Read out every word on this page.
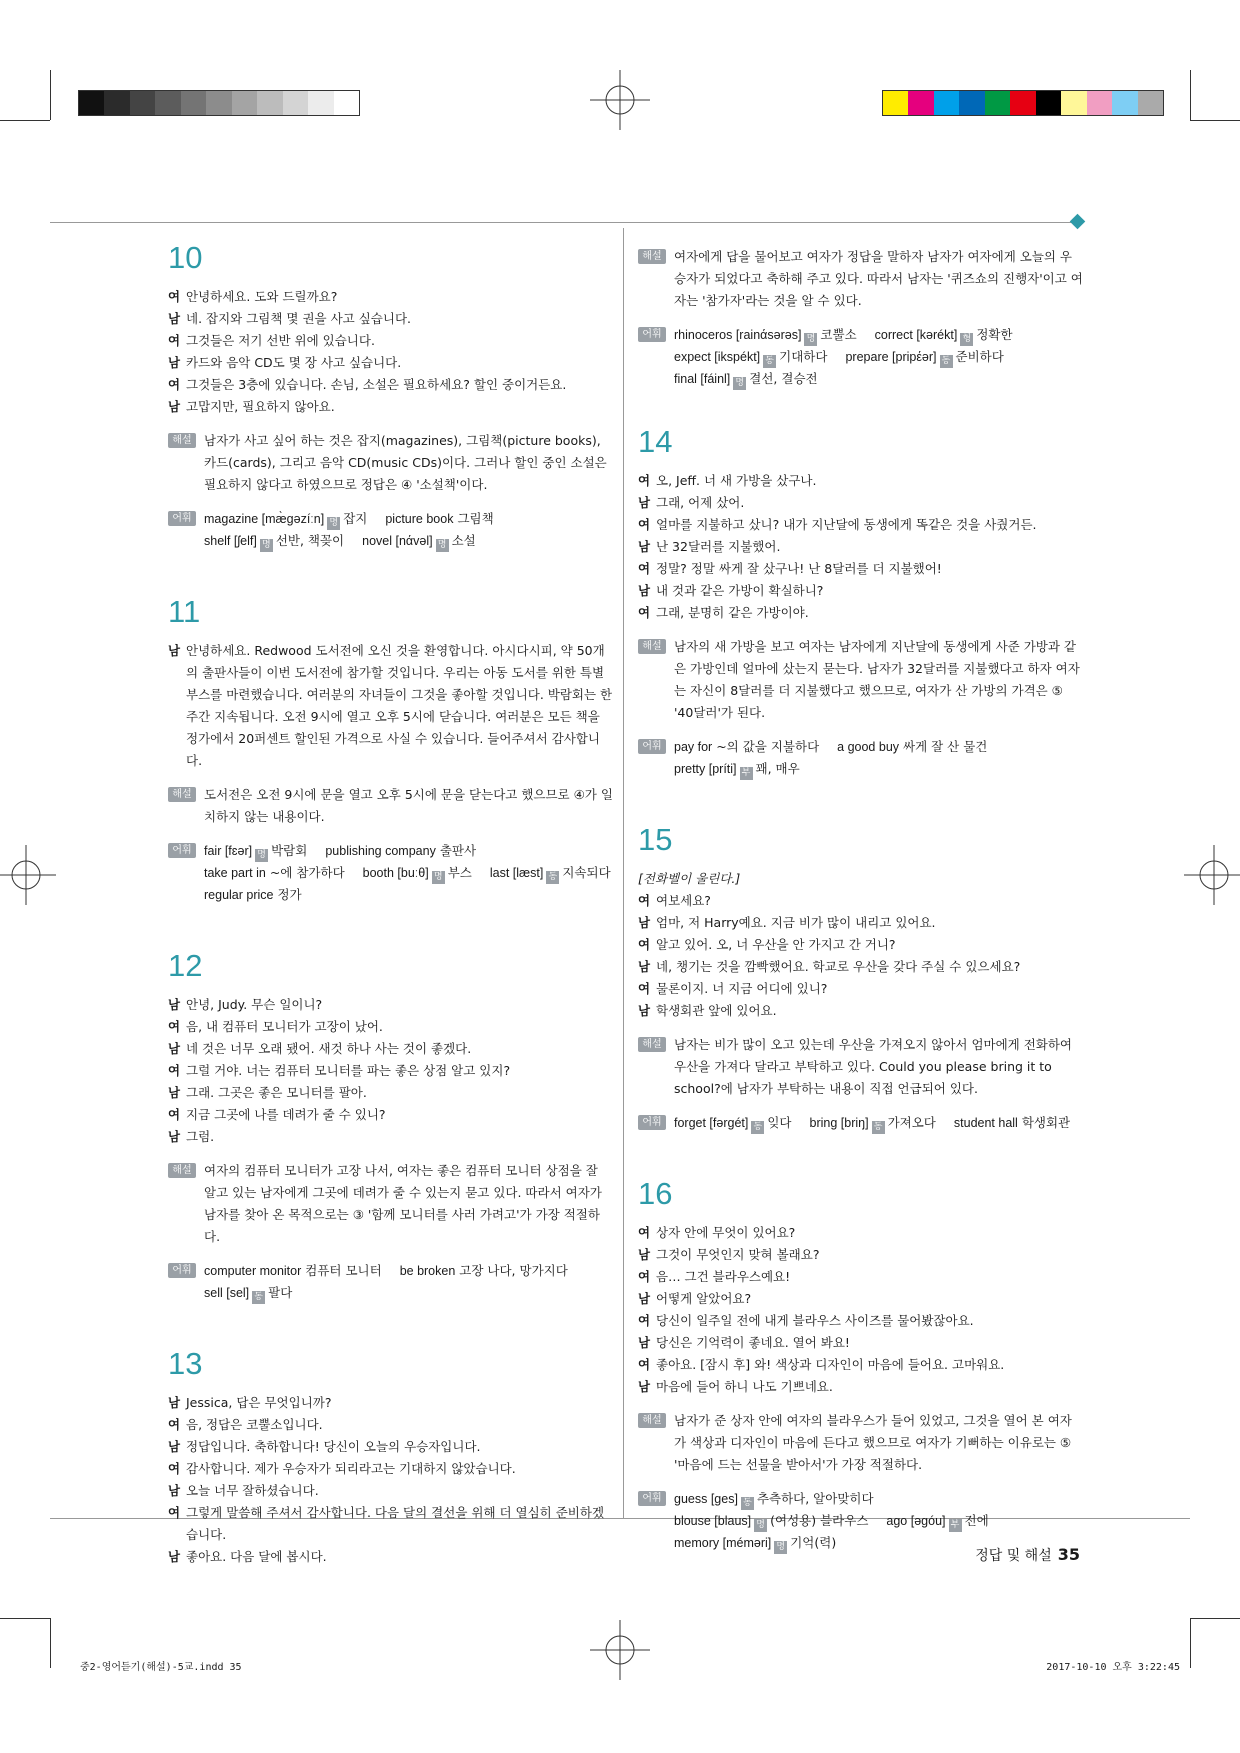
10
여 안녕하세요. 도와 드릴까요?
남 네. 잡지와 그림책 몇 권을 사고 싶습니다.
여 그것들은 저기 선반 위에 있습니다.
남 카드와 음악 CD도 몇 장 사고 싶습니다.
여 그것들은 3층에 있습니다. 손님, 소설은 필요하세요? 할인 중이거든요.
남 고맙지만, 필요하지 않아요.
해설 남자가 사고 싶어 하는 것은 잡지(magazines), 그림책(picture books), 카드(cards), 그리고 음악 CD(music CDs)이다. 그러나 할인 중인 소설은 필요하지 않다고 하였으므로 정답은 ④ '소설책'이다.
어휘 magazine [mæ̀gəzíːn] 명 잡지 picture book 그림책
shelf [ʃelf] 명 선반, 책꽂이 novel [nάvəl] 명 소설
11
남 안녕하세요. Redwood 도서전에 오신 것을 환영합니다. 아시다시피, 약 50개의 출판사들이 이번 도서전에 참가할 것입니다. 우리는 아동 도서를 위한 특별 부스를 마련했습니다. 여러분의 자녀들이 그것을 좋아할 것입니다. 박람회는 한 주간 지속됩니다. 오전 9시에 열고 오후 5시에 닫습니다. 여러분은 모든 책을 정가에서 20퍼센트 할인된 가격으로 사실 수 있습니다. 들어주셔서 감사합니다.
해설 도서전은 오전 9시에 문을 열고 오후 5시에 문을 닫는다고 했으므로 ④가 일치하지 않는 내용이다.
어휘 fair [fɛər] 명 박람회 publishing company 출판사
take part in ~에 참가하다 booth [buːθ] 명 부스 last [læst] 동 지속되다
regular price 정가
12
남 안녕, Judy. 무슨 일이니?
여 음, 내 컴퓨터 모니터가 고장이 났어.
남 네 것은 너무 오래 됐어. 새것 하나 사는 것이 좋겠다.
여 그럴 거야. 너는 컴퓨터 모니터를 파는 좋은 상점 알고 있지?
남 그래. 그곳은 좋은 모니터를 팔아.
여 지금 그곳에 나를 데려가 줄 수 있니?
남 그럼.
해설 여자의 컴퓨터 모니터가 고장 나서, 여자는 좋은 컴퓨터 모니터 상점을 잘 알고 있는 남자에게 그곳에 데려가 줄 수 있는지 묻고 있다. 따라서 여자가 남자를 찾아 온 목적으로는 ③ '함께 모니터를 사러 가려고'가 가장 적절하다.
어휘 computer monitor 컴퓨터 모니터 be broken 고장 나다, 망가지다
sell [sel] 동 팔다
13
남 Jessica, 답은 무엇입니까?
여 음, 정답은 코뿔소입니다.
남 정답입니다. 축하합니다! 당신이 오늘의 우승자입니다.
여 감사합니다. 제가 우승자가 되리라고는 기대하지 않았습니다.
남 오늘 너무 잘하셨습니다.
여 그렇게 말씀해 주셔서 감사합니다. 다음 달의 결선을 위해 더 열심히 준비하겠습니다.
남 좋아요. 다음 달에 봅시다.
해설 여자에게 답을 물어보고 여자가 정답을 말하자 남자가 여자에게 오늘의 우승자가 되었다고 축하해 주고 있다. 따라서 남자는 '퀴즈쇼의 진행자'이고 여자는 '참가자'라는 것을 알 수 있다.
어휘 rhinoceros [rainάsərəs] 명 코뿔소 correct [kərékt] 형 정확한
expect [ikspékt] 동 기대하다 prepare [pripέər] 동 준비하다
final [fáinl] 명 결선, 결승전
14
여 오, Jeff. 너 새 가방을 샀구나.
남 그래, 어제 샀어.
여 얼마를 지불하고 샀니? 내가 지난달에 동생에게 똑같은 것을 사줬거든.
남 난 32달러를 지불했어.
여 정말? 정말 싸게 잘 샀구나! 난 8달러를 더 지불했어!
남 내 것과 같은 가방이 확실하니?
여 그래, 분명히 같은 가방이야.
해설 남자의 새 가방을 보고 여자는 남자에게 지난달에 동생에게 사준 가방과 같은 가방인데 얼마에 샀는지 묻는다. 남자가 32달러를 지불했다고 하자 여자는 자신이 8달러를 더 지불했다고 했으므로, 여자가 산 가방의 가격은 ⑤ '40달러'가 된다.
어휘 pay for ~의 값을 지불하다 a good buy 싸게 잘 산 물건
pretty [príti] 부 꽤, 매우
15
[전화벨이 울린다.]
여 여보세요?
남 엄마, 저 Harry예요. 지금 비가 많이 내리고 있어요.
여 알고 있어. 오, 너 우산을 안 가지고 간 거니?
남 네, 챙기는 것을 깜빡했어요. 학교로 우산을 갖다 주실 수 있으세요?
여 물론이지. 너 지금 어디에 있니?
남 학생회관 앞에 있어요.
해설 남자는 비가 많이 오고 있는데 우산을 가져오지 않아서 엄마에게 전화하여 우산을 가져다 달라고 부탁하고 있다. Could you please bring it to school?에 남자가 부탁하는 내용이 직접 언급되어 있다.
어휘 forget [fərgét] 동 잊다 bring [briŋ] 동 가져오다 student hall 학생회관
16
여 상자 안에 무엇이 있어요?
남 그것이 무엇인지 맞혀 볼래요?
여 음… 그건 블라우스예요!
남 어떻게 알았어요?
여 당신이 일주일 전에 내게 블라우스 사이즈를 물어봤잖아요.
남 당신은 기억력이 좋네요. 열어 봐요!
여 좋아요. [잠시 후] 와! 색상과 디자인이 마음에 들어요. 고마워요.
남 마음에 들어 하니 나도 기쁘네요.
해설 남자가 준 상자 안에 여자의 블라우스가 들어 있었고, 그것을 열어 본 여자가 색상과 디자인이 마음에 든다고 했으므로 여자가 기뻐하는 이유로는 ⑤ '마음에 드는 선물을 받아서'가 가장 적절하다.
어휘 guess [ges] 동 추측하다, 알아맞히다
blouse [blaus] 명 (여성용) 블라우스 ago [əgóu] 부 전에
memory [méməri] 명 기억(력)
정답 및 해설 35
중2-영어듣기(해설)-5교.indd 35	2017-10-10 오후 3:22:45
